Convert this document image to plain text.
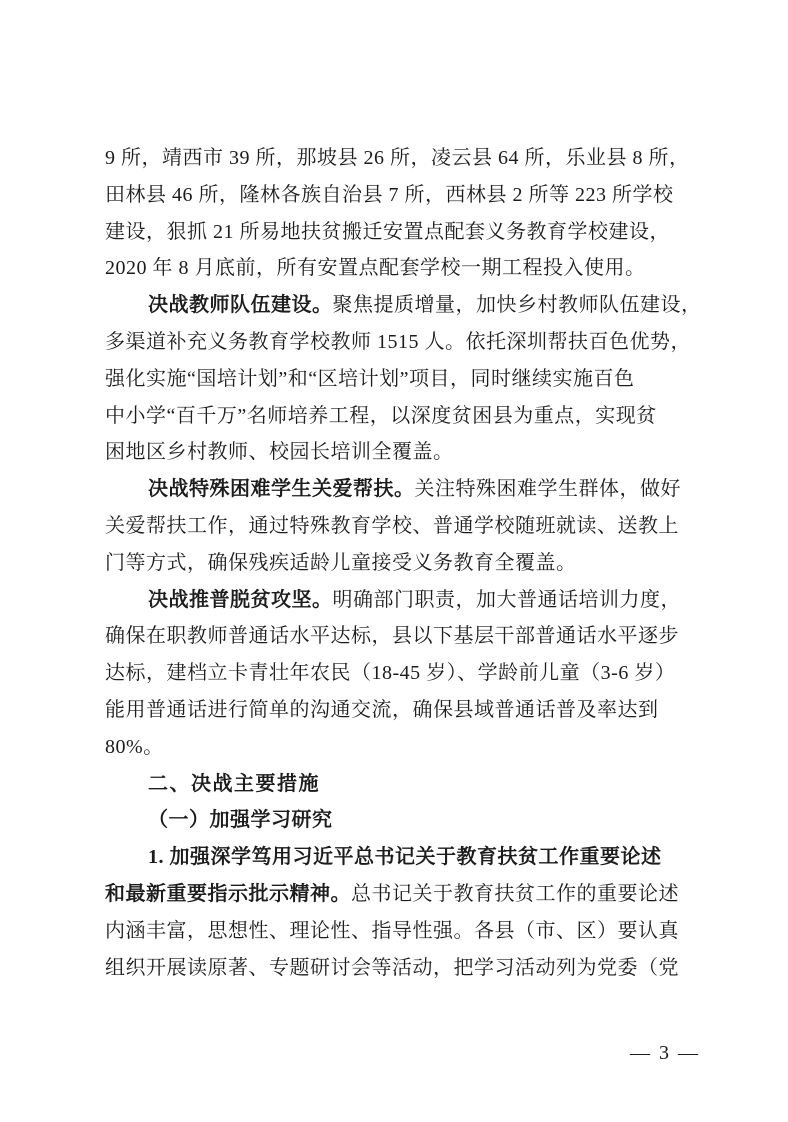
9 所，靖西市 39 所，那坡县 26 所，凌云县 64 所，乐业县 8 所，
田林县 46 所，隆林各族自治县 7 所，西林县 2 所等 223 所学校
建设，狠抓 21 所易地扶贫搬迁安置点配套义务教育学校建设，
2020 年 8 月底前，所有安置点配套学校一期工程投入使用。
决战教师队伍建设。聚焦提质增量，加快乡村教师队伍建设，
多渠道补充义务教育学校教师 1515 人。依托深圳帮扶百色优势，
强化实施“国培计划”和“区培计划”项目，同时继续实施百色
中小学“百千万”名师培养工程，以深度贫困县为重点，实现贫
困地区乡村教师、校园长培训全覆盖。
决战特殊困难学生关爱帮扶。关注特殊困难学生群体，做好
关爱帮扶工作，通过特殊教育学校、普通学校随班就读、送教上
门等方式，确保残疾适龄儿童接受义务教育全覆盖。
决战推普脱贫攻坚。明确部门职责，加大普通话培训力度，
确保在职教师普通话水平达标，县以下基层干部普通话水平逐步
达标，建档立卡青壮年农民（18-45 岁）、学龄前儿童（3-6 岁）
能用普通话进行简单的沟通交流，确保县域普通话普及率达到
80%。
二、决战主要措施
（一）加强学习研究
1. 加强深学笃用习近平总书记关于教育扶贫工作重要论述
和最新重要指示批示精神。总书记关于教育扶贫工作的重要论述
内涵丰富，思想性、理论性、指导性强。各县（市、区）要认真
组织开展读原著、专题研讨会等活动，把学习活动列为党委（党
— 3 —
